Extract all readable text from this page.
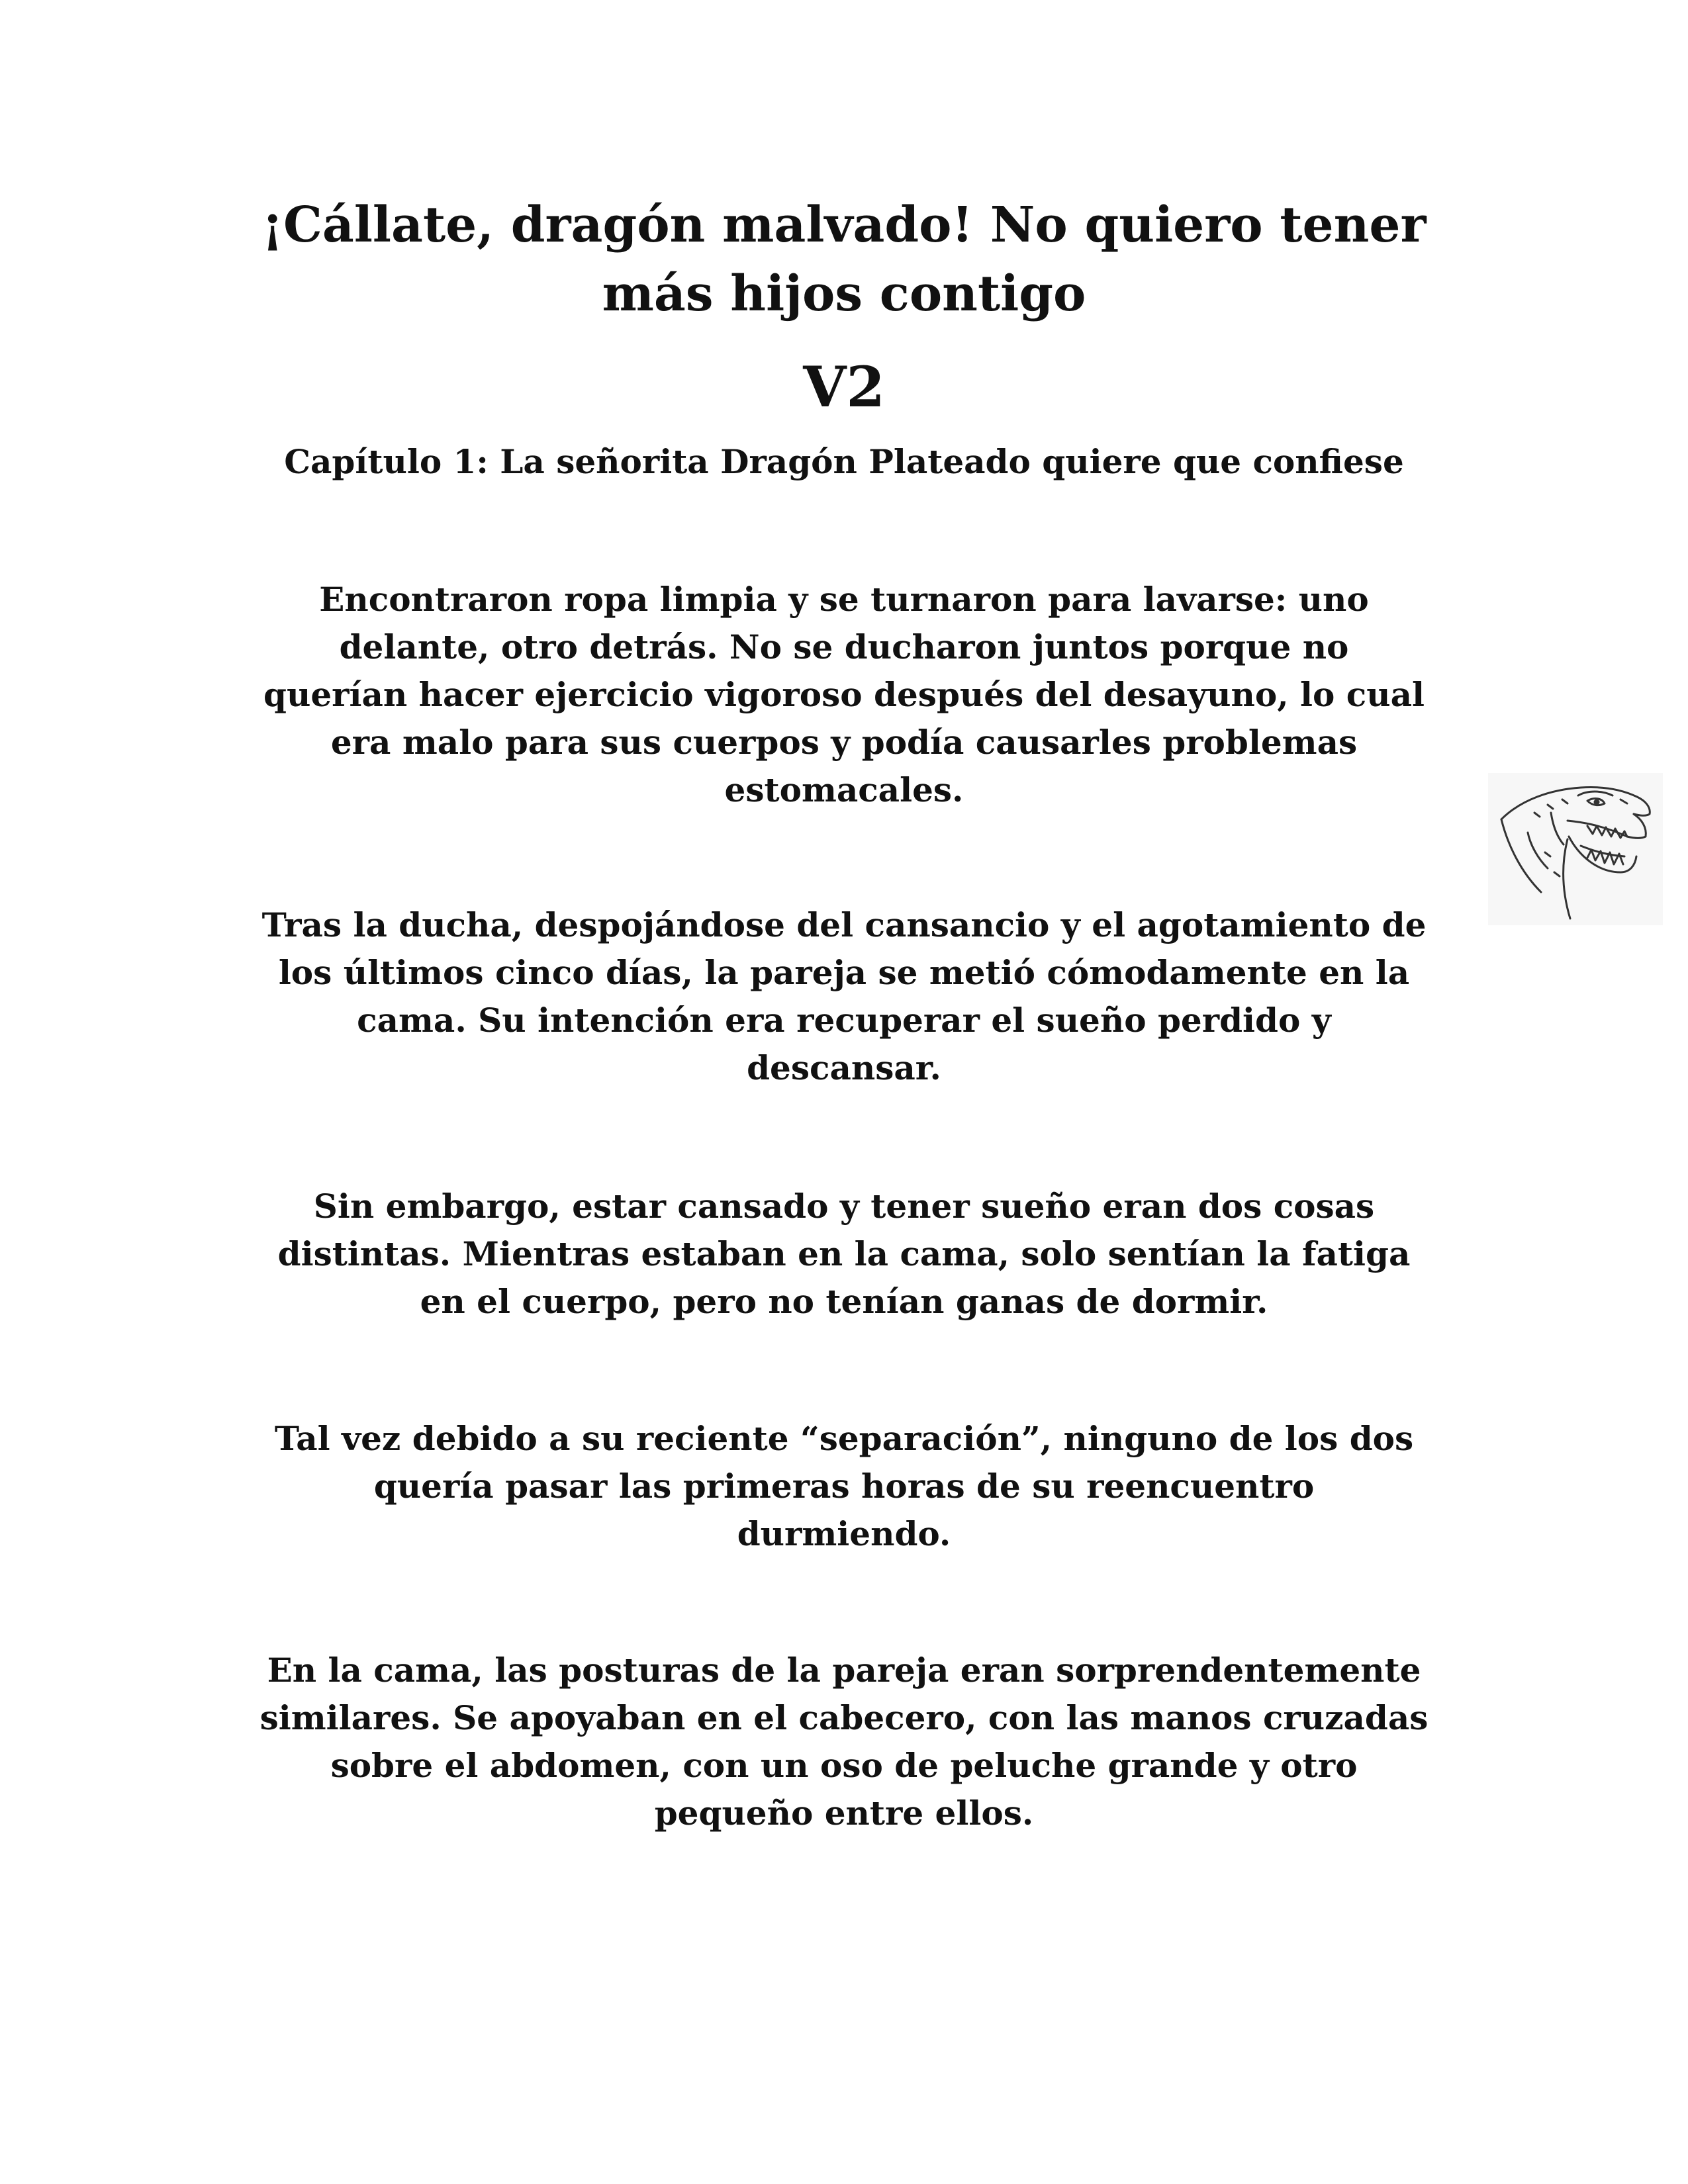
¡Cállate, dragón malvado! No quiero tener
más hijos contigo
V2
Capítulo 1: La señorita Dragón Plateado quiere que confiese
Encontraron ropa limpia y se turnaron para lavarse: uno
delante, otro detrás. No se ducharon juntos porque no
querían hacer ejercicio vigoroso después del desayuno, lo cual
era malo para sus cuerpos y podía causarles problemas
estomacales.
Tras la ducha, despojándose del cansancio y el agotamiento de
los últimos cinco días, la pareja se metió cómodamente en la
cama. Su intención era recuperar el sueño perdido y
descansar.
Sin embargo, estar cansado y tener sueño eran dos cosas
distintas. Mientras estaban en la cama, solo sentían la fatiga
en el cuerpo, pero no tenían ganas de dormir.
Tal vez debido a su reciente “separación”, ninguno de los dos
quería pasar las primeras horas de su reencuentro
durmiendo.
En la cama, las posturas de la pareja eran sorprendentemente
similares. Se apoyaban en el cabecero, con las manos cruzadas
sobre el abdomen, con un oso de peluche grande y otro
pequeño entre ellos.
